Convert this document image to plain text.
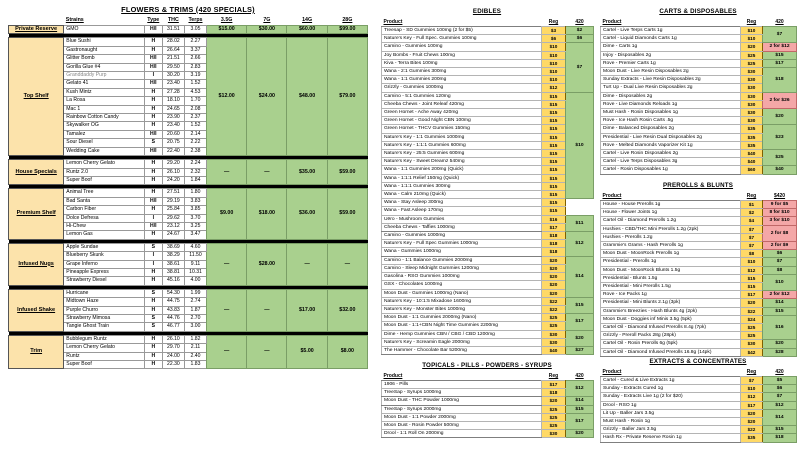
FLOWERS & TRIMS (420 SPECIALS)
	Strains	Type	THC	Terps	3.5G	7G	14G	28G
Private Reserve	GMO	H/I	31.51	3.05	$15.00	$30.00	$60.00	$99.00

Top Shelf	Blue Sushi	H	28.02	2.27	$12.00	$24.00	$48.00	$79.00
	Gastronaught	H	26.64	3.37				
	Glitter Bomb	H/I	21.51	2.66				
	Gorilla Glue #4	H/I	29.50	2.83				
	Granddaddy Purp	I	30.20	3.19				
	Gelato 41	H/I	23.40	1.52				
	Kush Mintz	H	27.28	4.53				
	La Rosa	H	18.10	1.70				
	Mac 1	H	24.65	2.08				
	Rainbow Cotton Candy	H	23.90	2.37				
	Skywalker OG	H	23.40	1.52				
	Tamalez	H/I	20.60	2.14				
	Sour Diesel	S	20.75	2.22				
	Wedding Cake	H/I	22.40	2.38				

House Specials	Lemon Cherry Gelato	H	29.20	2.24	—	—	$35.00	$59.00
	Runtz 2.0	H	26.10	2.32				
	Super Boof	H	24.20	1.84				

Premium Shelf	Animal Tree	H	27.51	1.80	$9.00	$18.00	$36.00	$59.00
	Bad Santa	H/I	29.19	3.83				
	Carbon Fiber	H	25.84	3.85				
	Dolce Defresa	I	29.62	3.70				
	Hi-Chew	H/I	23.12	3.25				
	Lemon Gas	H	24.67	3.47				

Infused Nugs	Apple Sundae	S	38.69	4.60	—	$28.00	—	—
	Blueberry Skunk	I	38.29	11.50				
	Grape Inferno	I	38.61	9.11				
	Pineapple Express	H	38.81	10.31				
	Strawberry Diesel	H	45.16	4.00				

Infused Shake	Hurricane	S	54.30	1.99	—	—	$17.00	$32.00
	Midtown Haze	H	44.75	2.74				
	Purple Churro	H	43.83	1.87				
	Strawberry Mimosa	S	44.76	2.70				
	Tangie Ghost Train	S	46.77	3.00				

Trim	Bubblegum Runtz	H	26.10	1.82	—	—	$5.00	$8.00
	Lemon Cherry Gelato	H	29.70	2.11				
	Runtz	H	24.00	2.40				
	Super Boof	H	22.30	1.83				
EDIBLES
Product	Reg	420	
Treesap - SD Gummies 100mg (2 for $5)	$3	$2	
Nature's Key - Full Spec. Gummies 100mg	$6	$6	
Camino - Gummies 100mg	$10	$7	
Joy Bombs - Fruit Chews 100mg	$10		
Kiva - Terra Bites 100mg	$10		
Wana - 2:1 Gummies 300mg	$10		
Wana - 1:1 Gummies 200mg	$10		
Grizzly - Gummies 1000mg	$12	
Camino - 5:1 Gummies 120mg	$15	$10	
Cheeba Chews - Joint Releaf 420mg	$15		
Green Hornet - Ache Away 420mg	$15		
Green Hornet - Good Night CBN 100mg	$15		
Green Hornet - THCV Gummies 150mg	$15		
Nature's Key - 1:1 Gummies 1000mg	$15		
Nature's Key - 1:1:1 Gummies 600mg	$15		
Nature's Key - 25:5 Gummies 600mg	$15		
Nature's Key - Sweet Dreamz 540mg	$15		
Wana - 1:1 Gummies 200mg (Quick)	$15		
Wana - 1:1:1 Relief 150mg (Quick)	$15		
Wana - 1:1:1 Gummies 300mg	$15		
Wana - Calm 210mg (Quick)	$15		
Wana - Stay Asleep 300mg	$15		
Wana - Fast Asleep 170mg	$15		
Uëro - Mushroom Gummies	$16	$11	
Cheeba Chews - Taffies 1000mg	$17		
Camino - Gummies 1000mg	$18	$12	
Nature's Key - Full Spec Gummies 1000mg	$18		
Wana - Gummies 1000mg	$18		
Camino - 1:1 Balance Gummies 2000mg	$20	$14	
Camino - Sleep Midnight Gummies 1200mg	$20		
Gasolina - RSO Gummies 1000mg	$20		
GSX - Chocolates 1000mg	$20		
Moon Dust - Gummies 1000mg (Nano)	$20		
Nature's Key - 10:1:5 Mixadose 1600mg	$22	$15	
Nature's Key - Monster Bites 1000mg	$22		
Moon Dust - 1:1 Gummies 2000mg (Nano)	$25	$17	
Moon Dust - 1:1+CBN Night Time Gummies 2200mg	$25		
Dime - Hemp Gummies CBN / CBG / CBD 1200mg	$30	$20	
Nature's Key - Screamin Eagle 2000mg	$30		
The Hammer - Chocolate Bar 5200mg	$40	$27	
TOPICALS - PILLS - POWDERS - SYRUPS
Product	Reg	420
1906 - Pills	$17	$12
TreeSap - Syrups 1000mg	$18	
Moon Dust - THC Powder 1000mg	$20	$14
TreeSap - Syrups 2000mg	$25	$15
Moon Dust - 1:1 Powder 2000mg	$25	$17
Moon Dust - Rosin Powder 500mg	$25	
Drool - 1:1 Roll On 2000mg	$30	$20
CARTS & DISPOSABLES
Product	Reg	420
Cartel - Live Terps Carts 1g	$10	$7
Cartel - Liquid Diamonds Carts 1g	$10	
Dime - Carts 1g	$20	2 for $12
Injoy - Disposables 2g	$25	$15
Rove - Premier Carts 1g	$25	$17
Moon Dust - Live Resin Disposables 2g	$30	$18
Sunday Extracts - Live Resin Disposables 2g	$30	
Turt Up - Dual Live Resin Disposables 2g	$30	
Dime - Disposables 2g	$30	2 for $26
Rove - Live Diamonds Reloads 1g	$30	
Must Hash - Rosin Disposables 1g	$30	$20
Rove - Ice Hash Rosin Carts .5g	$30	
Dime - Balanced Disposables 2g	$35	$23
Presidential - Live Resin Dual Disposables 2g	$35	
Rove - Melted Diamonds Vaporizer Kit 1g	$35	
Cartel - Live Rosin Disposables 2g	$40	$25
Cartel - Live Terps Disposables 3g	$40	
Cartel - Rosin Disposables 1g	$60	$40
PREROLLS & BLUNTS
Product	Reg	$420
House - House Prerolls 1g	$1	9 for $5
House - Flower Joints 1g	$2	8 for $10
Cartel Oil - Diamond Prerolls 1.2g	$4	3 for $10
Hushies - CBD/THC Mini Prerolls 1.2g (2pk)	$7	2 for $8
Hushies - Prerolls 1.2g	$7	
Grammie's Grams - Hash Prerolls 1g	$7	2 for $9
Moon Dust - MoonRock Prerolls 1g	$8	$6
Presidential - Prerolls 1g	$10	$7
Moon Dust - MoonRock Blunts 1.5g	$12	$8
Presidential - Blunts 1.5g	$15	$10
Presidential - Mini Prerolls 1.5g	$15	
Rove - Ice Packs 1g	$17	2 for $12
Presidential - Mini Blunts 2.1g (3pk)	$20	$14
Grammie's Breezies - Hash Blunts 4g (2pk)	$22	$15
Moon Dust - Doggies inf Minis 3.5g (5pk)	$24	$16
Cartel Oil - Diamond Infused Prerolls 8.4g (7pk)	$25	
Grizzly - Preroll Packs 28g (28pk)	$25	
Cartel Oil - Rosin Prerolls 6g (5pk)	$30	$20
Cartel Oil - Diamond Infused Prerolls 16.8g (14pk)	$42	$28
EXTRACTS & CONCENTRATES
Product	Reg	420
Cartel - Cured & Live Extracts 1g	$7	$5
Sunday - Extracts Cured 1g	$10	$6
Sunday - Extracts Live 1g (2 for $20)	$12	$7
Drool - RSO 1g	$17	$12
Lit Up - Baller Jars 3.5g	$20	$14
Must Hash - Rosin 1g	$20	
Grizzly - Baller Jars 3.5g	$22	$15
Hash Rx - Private Reserve Rosin 1g	$35	$18
